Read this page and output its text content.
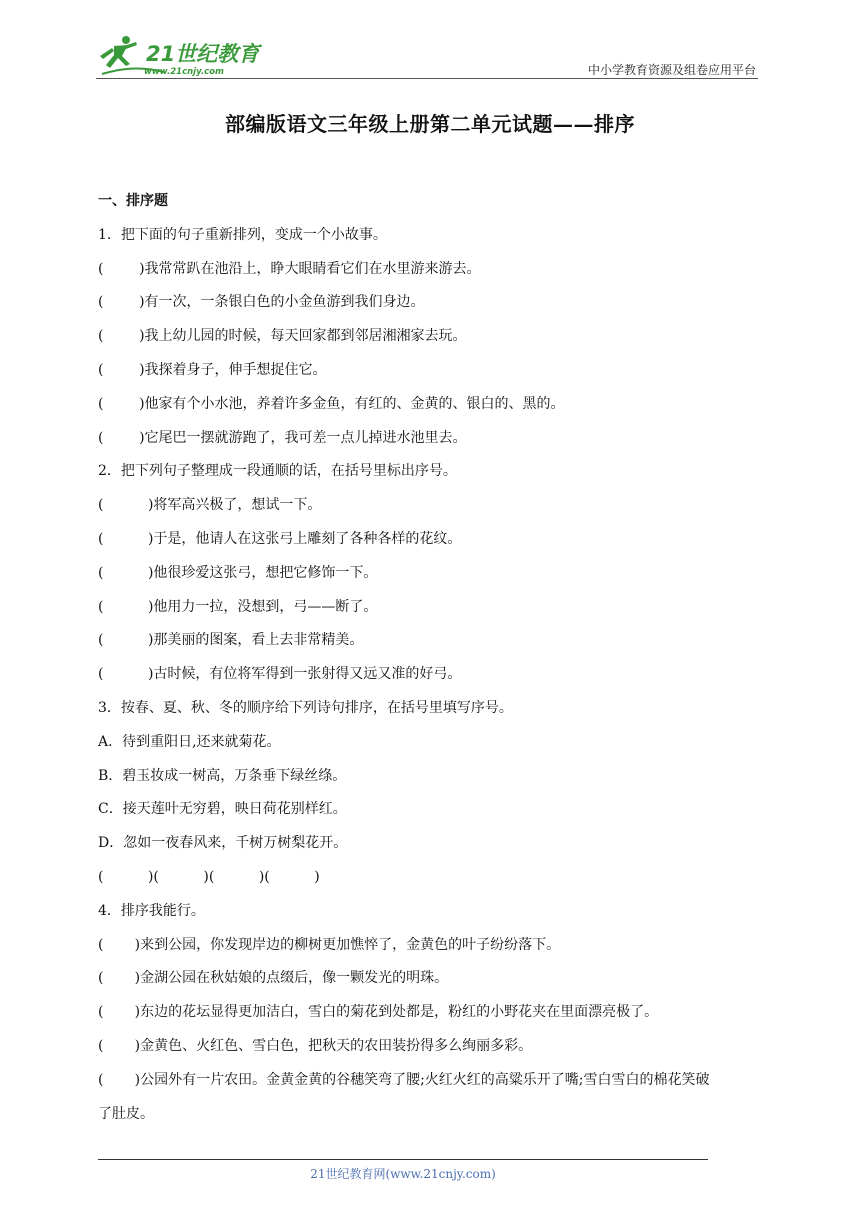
21世纪教育
www.21cnjy.com	中小学教育资源及组卷应用平台
部编版语文三年级上册第二单元试题——排序
一、排序题
1．把下面的句子重新排列，变成一个小故事。
(        )我常常趴在池沿上，睁大眼睛看它们在水里游来游去。
(        )有一次，一条银白色的小金鱼游到我们身边。
(        )我上幼儿园的时候，每天回家都到邻居湘湘家去玩。
(        )我探着身子，伸手想捉住它。
(        )他家有个小水池，养着许多金鱼，有红的、金黄的、银白的、黑的。
(        )它尾巴一摆就游跑了，我可差一点儿掉进水池里去。
2．把下列句子整理成一段通顺的话，在括号里标出序号。
(          )将军高兴极了，想试一下。
(          )于是，他请人在这张弓上雕刻了各种各样的花纹。
(          )他很珍爱这张弓，想把它修饰一下。
(          )他用力一拉，没想到，弓——断了。
(          )那美丽的图案，看上去非常精美。
(          )古时候，有位将军得到一张射得又远又准的好弓。
3．按春、夏、秋、冬的顺序给下列诗句排序，在括号里填写序号。
A．待到重阳日,还来就菊花。
B．碧玉妆成一树高，万条垂下绿丝绦。
C．接天莲叶无穷碧，映日荷花别样红。
D．忽如一夜春风来，千树万树梨花开。
(          )(          )(          )(          )
4．排序我能行。
(       )来到公园，你发现岸边的柳树更加憔悴了，金黄色的叶子纷纷落下。
(       )金湖公园在秋姑娘的点缀后，像一颗发光的明珠。
(       )东边的花坛显得更加洁白，雪白的菊花到处都是，粉红的小野花夹在里面漂亮极了。
(       )金黄色、火红色、雪白色，把秋天的农田装扮得多么绚丽多彩。
(       )公园外有一片农田。金黄金黄的谷穗笑弯了腰;火红火红的高粱乐开了嘴;雪白雪白的棉花笑破
了肚皮。
21世纪教育网(www.21cnjy.com)
